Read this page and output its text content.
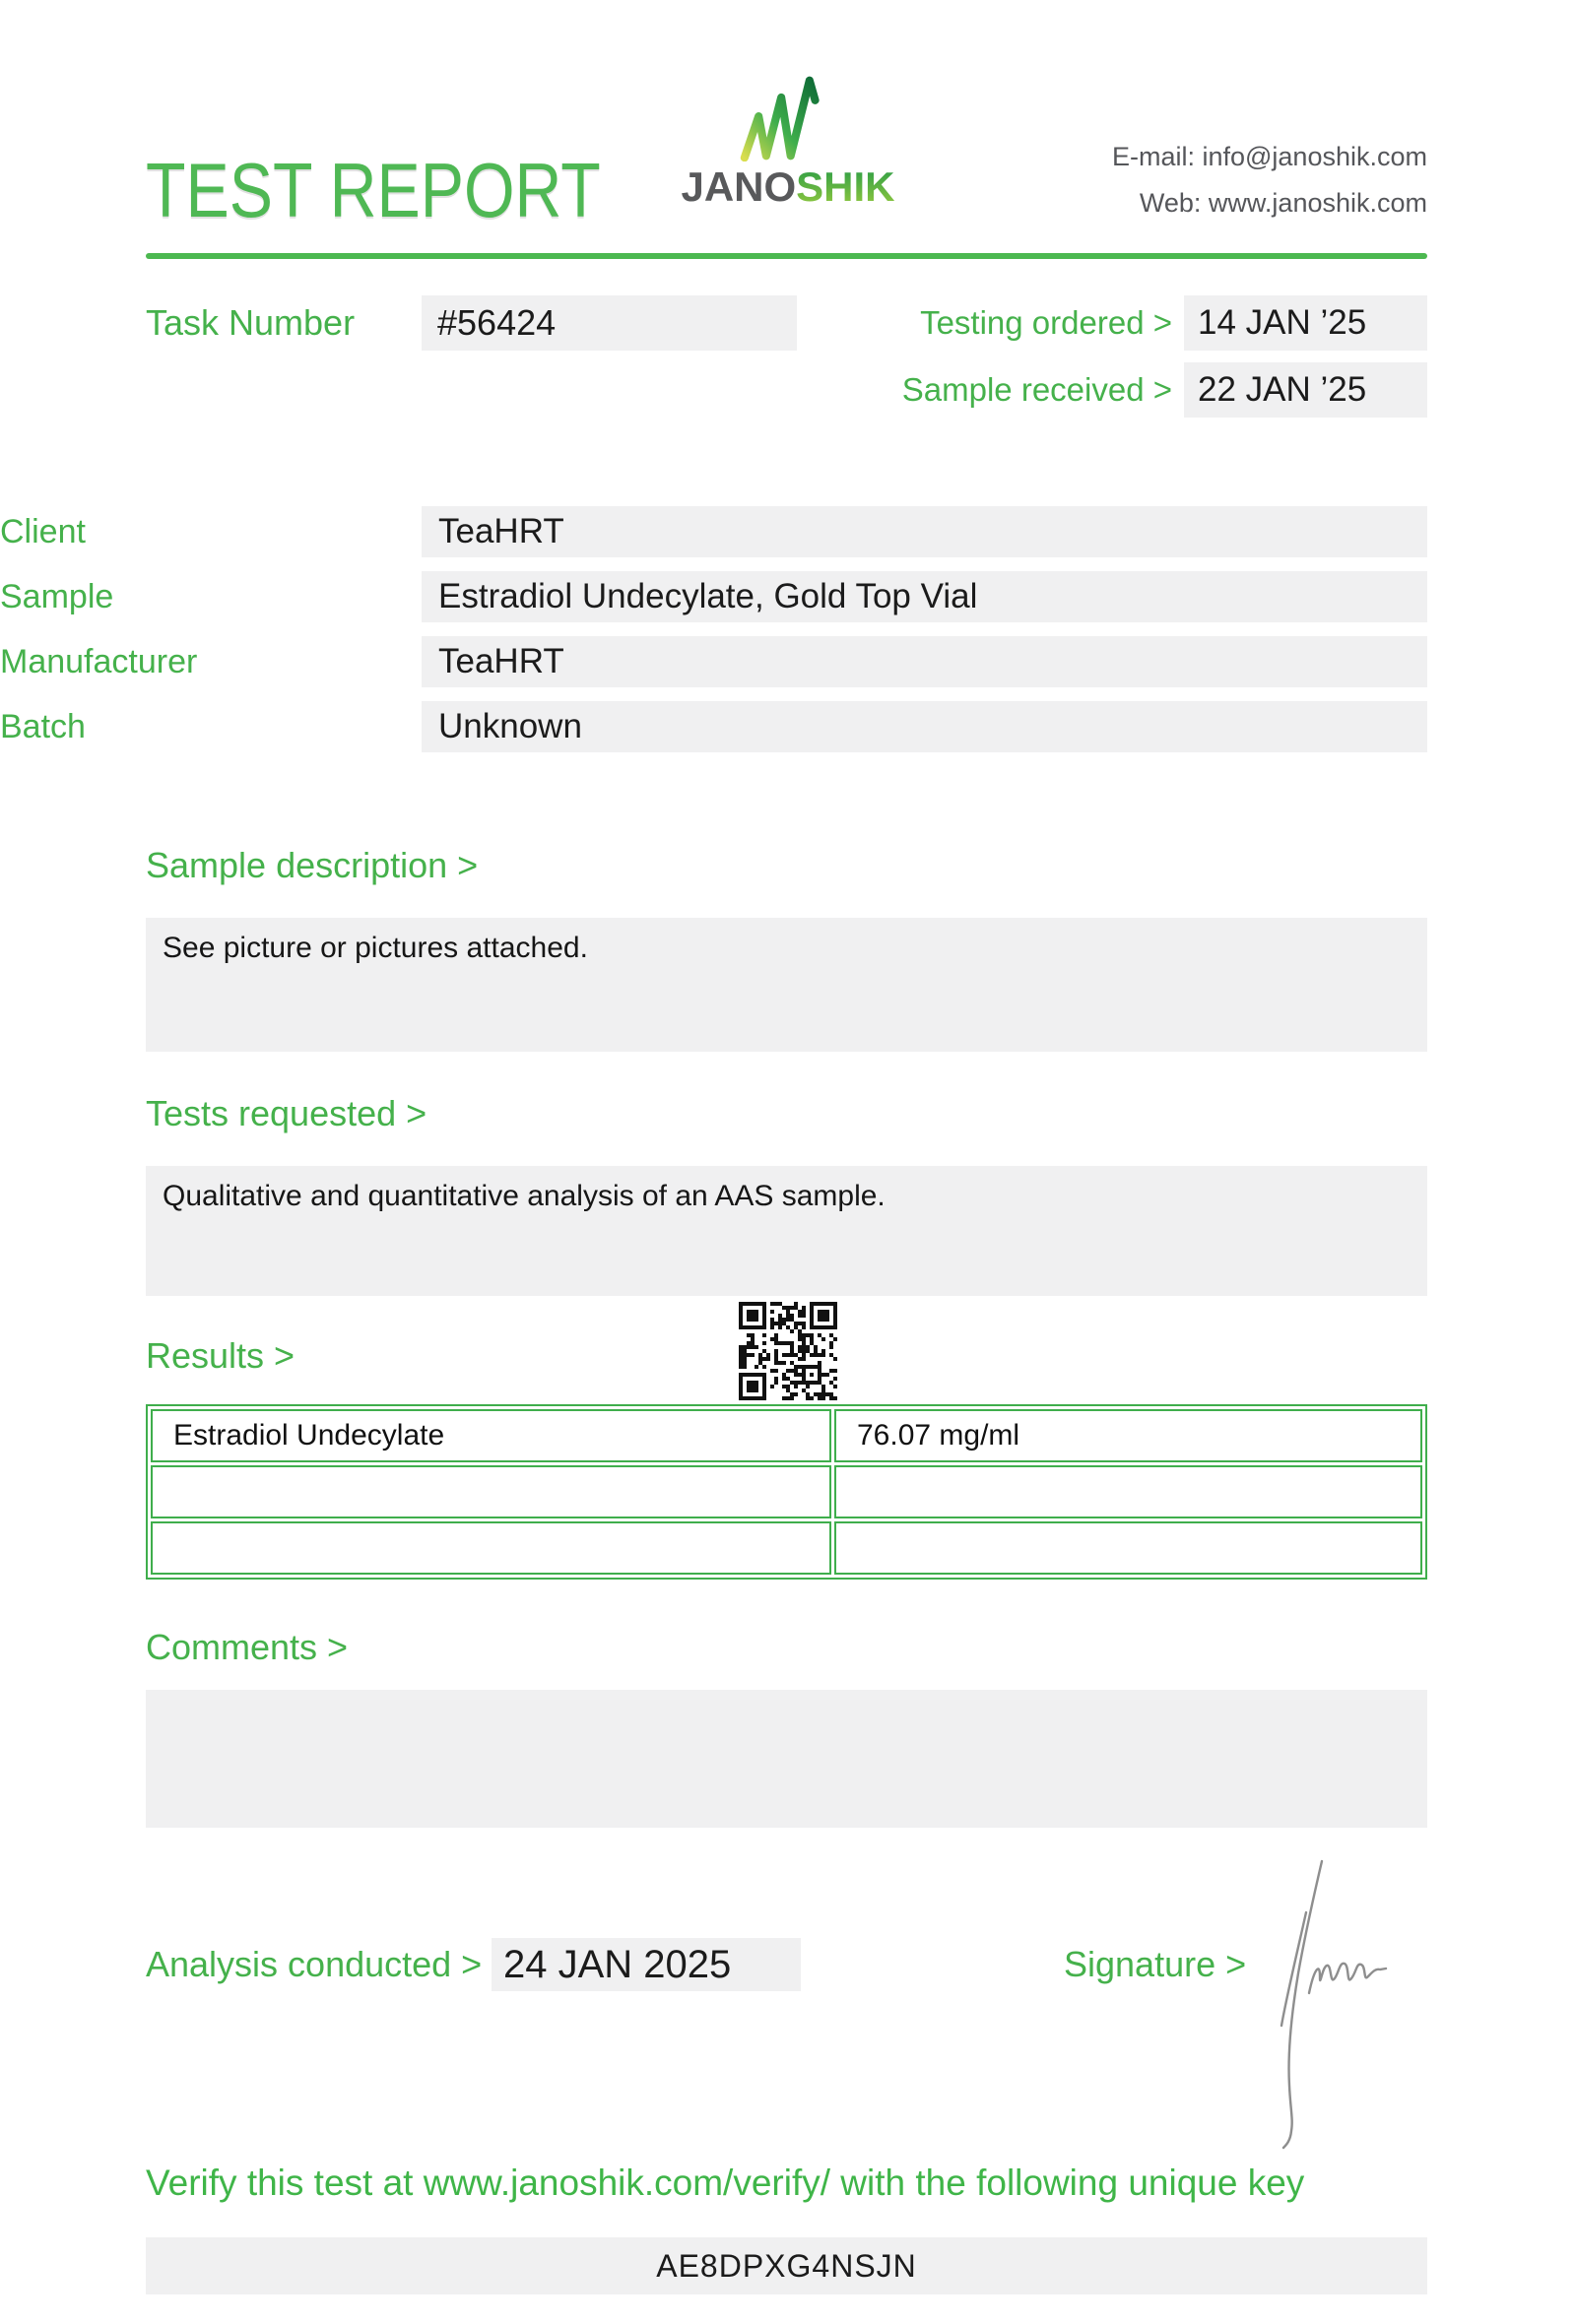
TEST REPORT JANOSHIK
E-mail: info@janoshik.com
Web: www.janoshik.com
Task Number	#56424	Testing ordered > 14 JAN ’25
Sample received > 22 JAN ’25
Client	TeaHRT
Sample	Estradiol Undecylate, Gold Top Vial
Manufacturer	TeaHRT
Batch	Unknown
Sample description >
See picture or pictures attached.
Tests requested >
Qualitative and quantitative analysis of an AAS sample.
Results >
Estradiol Undecylate	76.07 mg/ml

Comments >
Analysis conducted > 24 JAN 2025	Signature >
Verify this test at www.janoshik.com/verify/ with the following unique key
AE8DPXG4NSJN
